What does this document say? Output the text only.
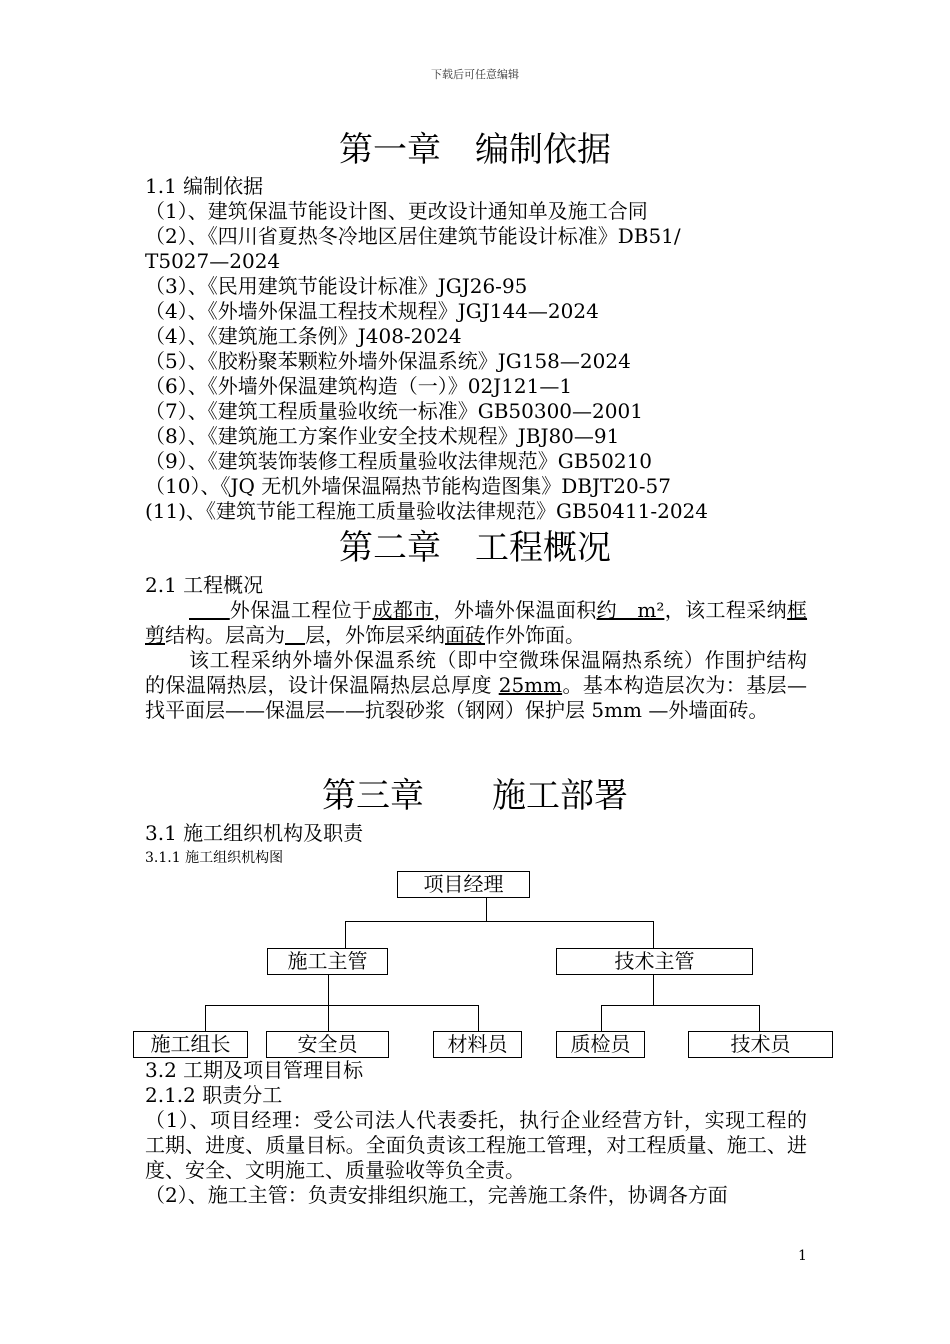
下载后可任意编辑
第一章　编制依据
1.1 编制依据
（1）、建筑保温节能设计图、更改设计通知单及施工合同
（2）、《四川省夏热冬冷地区居住建筑节能设计标准》DB51/
T5027—2024
（3）、《民用建筑节能设计标准》JGJ26-95
（4）、《外墙外保温工程技术规程》JGJ144—2024
（4）、《建筑施工条例》J408-2024
（5）、《胶粉聚苯颗粒外墙外保温系统》JG158—2024
（6）、《外墙外保温建筑构造（一）》02J121—1
（7）、《建筑工程质量验收统一标准》GB50300—2001
（8）、《建筑施工方案作业安全技术规程》JBJ80—91
（9）、《建筑装饰装修工程质量验收法律规范》GB50210
（10）、《JQ 无机外墙保温隔热节能构造图集》DBJT20-57
(11)、《建筑节能工程施工质量验收法律规范》GB50411-2024
第二章　工程概况
2.1 工程概况
　　外保温工程位于成都市，外墙外保温面积约　m²，该工程采纳框剪结构。层高为　 层，外饰层采纳面砖作外饰面。
该工程采纳外墙外保温系统（即中空微珠保温隔热系统）作围护结构的保温隔热层，设计保温隔热层总厚度 25mm。基本构造层次为：基层—找平面层——保温层——抗裂砂浆（钢网）保护层 5mm —外墙面砖。
第三章　　施工部署
3.1 施工组织机构及职责
3.1.1 施工组织机构图
项目经理
施工主管	技术主管
施工组长	安全员	材料员	质检员	技术员
3.2 工期及项目管理目标
2.1.2 职责分工
（1）、项目经理：受公司法人代表委托，执行企业经营方针，实现工程的工期、进度、质量目标。全面负责该工程施工管理，对工程质量、施工、进度、安全、文明施工、质量验收等负全责。
（2）、施工主管：负责安排组织施工，完善施工条件，协调各方面
1
